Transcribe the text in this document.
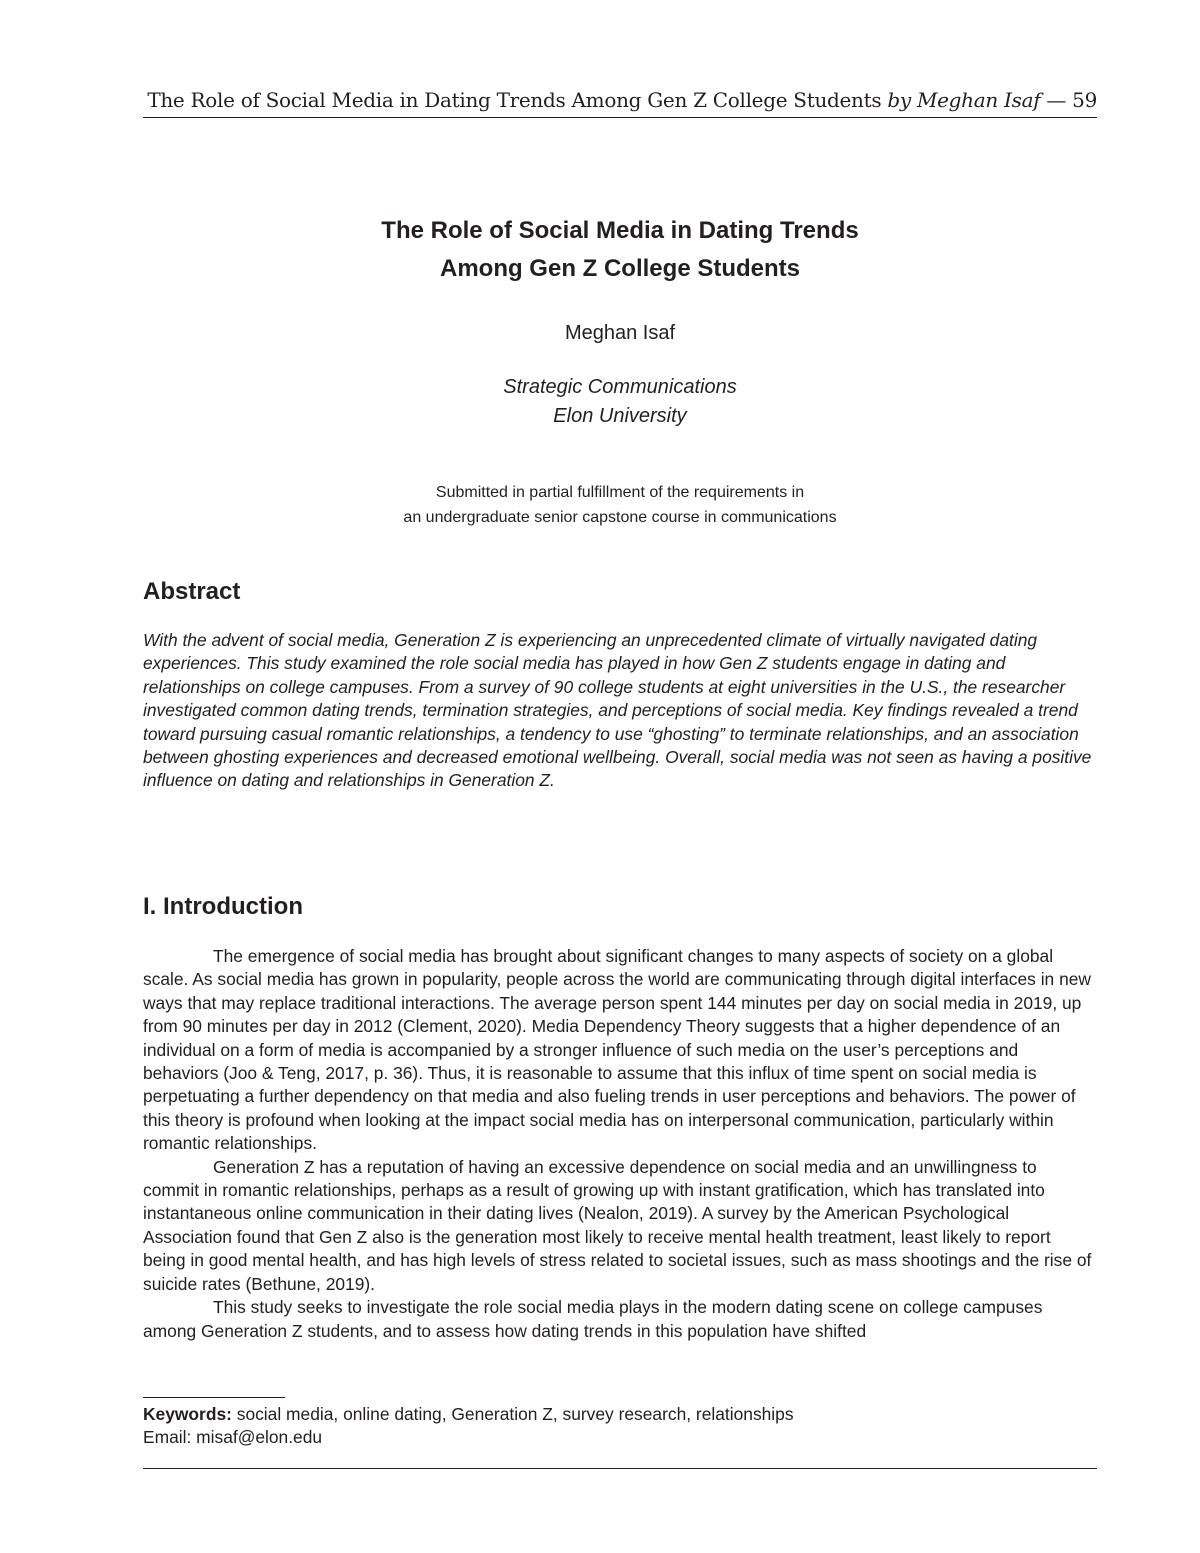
The Role of Social Media in Dating Trends Among Gen Z College Students by Meghan Isaf — 59
The Role of Social Media in Dating Trends
Among Gen Z College Students
Meghan Isaf
Strategic Communications
Elon University
Submitted in partial fulfillment of the requirements in
an undergraduate senior capstone course in communications
Abstract

With the advent of social media, Generation Z is experiencing an unprecedented climate of virtually navigated dating experiences. This study examined the role social media has played in how Gen Z students engage in dating and relationships on college campuses. From a survey of 90 college students at eight universities in the U.S., the researcher investigated common dating trends, termination strategies, and perceptions of social media. Key findings revealed a trend toward pursuing casual romantic relationships, a tendency to use “ghosting” to terminate relationships, and an association between ghosting experiences and decreased emotional wellbeing. Overall, social media was not seen as having a positive influence on dating and relationships in Generation Z.

I. Introduction

The emergence of social media has brought about significant changes to many aspects of society on a global scale. As social media has grown in popularity, people across the world are communicating through digital interfaces in new ways that may replace traditional interactions. The average person spent 144 minutes per day on social media in 2019, up from 90 minutes per day in 2012 (Clement, 2020). Media Dependency Theory suggests that a higher dependence of an individual on a form of media is accompanied by a stronger influence of such media on the user’s perceptions and behaviors (Joo & Teng, 2017, p. 36). Thus, it is reasonable to assume that this influx of time spent on social media is perpetuating a further dependency on that media and also fueling trends in user perceptions and behaviors. The power of this theory is profound when looking at the impact social media has on interpersonal communication, particularly within romantic relationships.

Generation Z has a reputation of having an excessive dependence on social media and an unwillingness to commit in romantic relationships, perhaps as a result of growing up with instant gratification, which has translated into instantaneous online communication in their dating lives (Nealon, 2019). A survey by the American Psychological Association found that Gen Z also is the generation most likely to receive mental health treatment, least likely to report being in good mental health, and has high levels of stress related to societal issues, such as mass shootings and the rise of suicide rates (Bethune, 2019).

This study seeks to investigate the role social media plays in the modern dating scene on college campuses among Generation Z students, and to assess how dating trends in this population have shifted

Keywords: social media, online dating, Generation Z, survey research, relationships
Email: misaf@elon.edu
